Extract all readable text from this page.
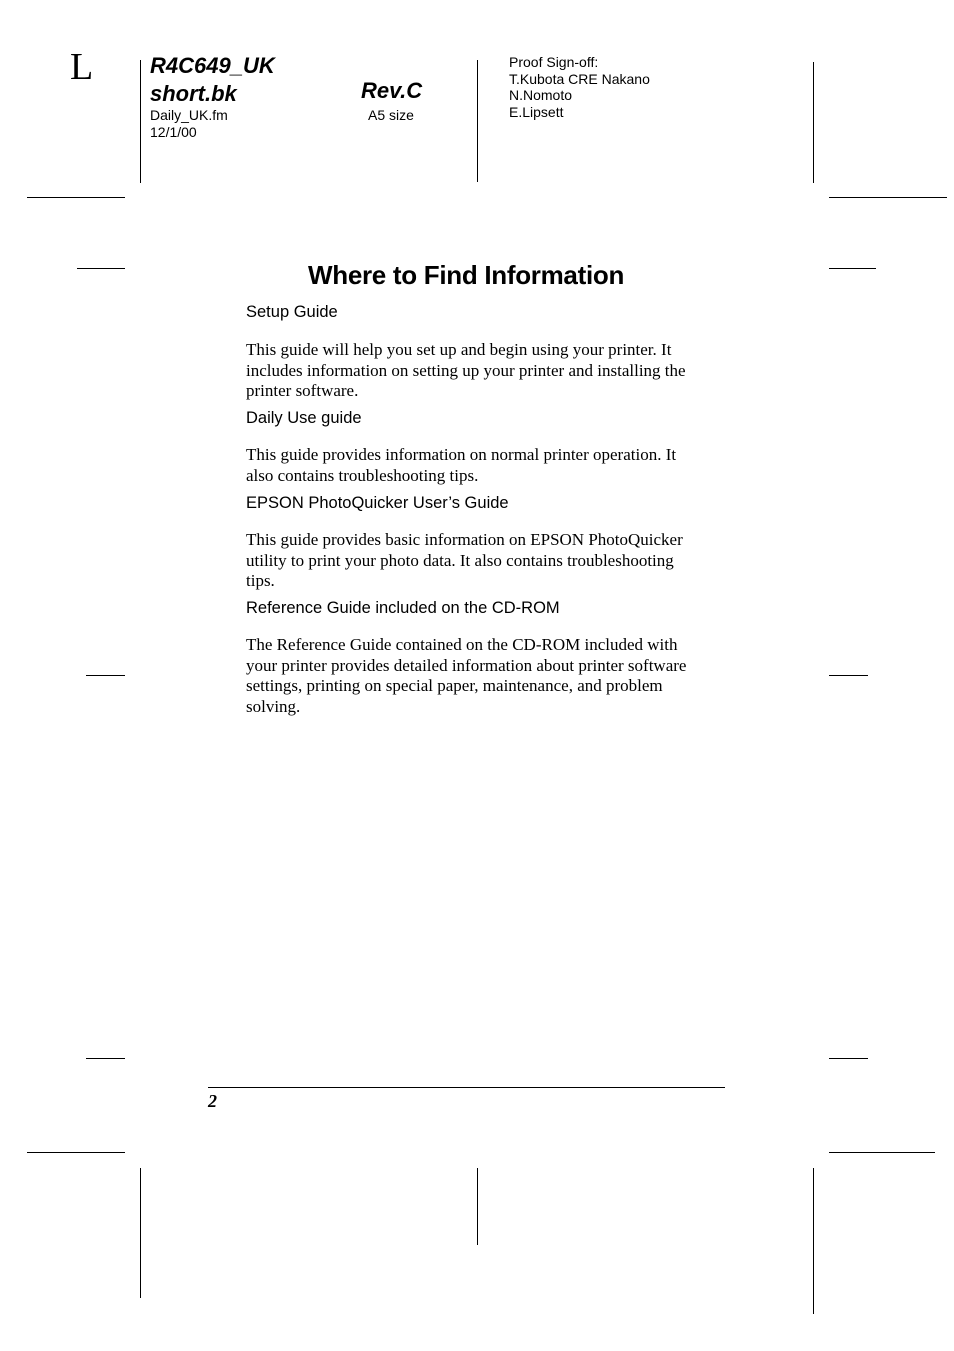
L	R4C649_UK
short.bk	Rev.C
Daily_UK.fm
12/1/00
A5 size
Proof Sign-off:
T.Kubota CRE Nakano
N.Nomoto
E.Lipsett
Where to Find Information
Setup Guide
This guide will help you set up and begin using your printer. It
includes information on setting up your printer and installing the
printer software.
Daily Use guide
This guide provides information on normal printer operation. It
also contains troubleshooting tips.
EPSON PhotoQuicker User’s Guide
This guide provides basic information on EPSON PhotoQuicker
utility to print your photo data. It also contains troubleshooting
tips.
Reference Guide included on the CD-ROM
The Reference Guide contained on the CD-ROM included with
your printer provides detailed information about printer software
settings, printing on special paper, maintenance, and problem
solving.
2
